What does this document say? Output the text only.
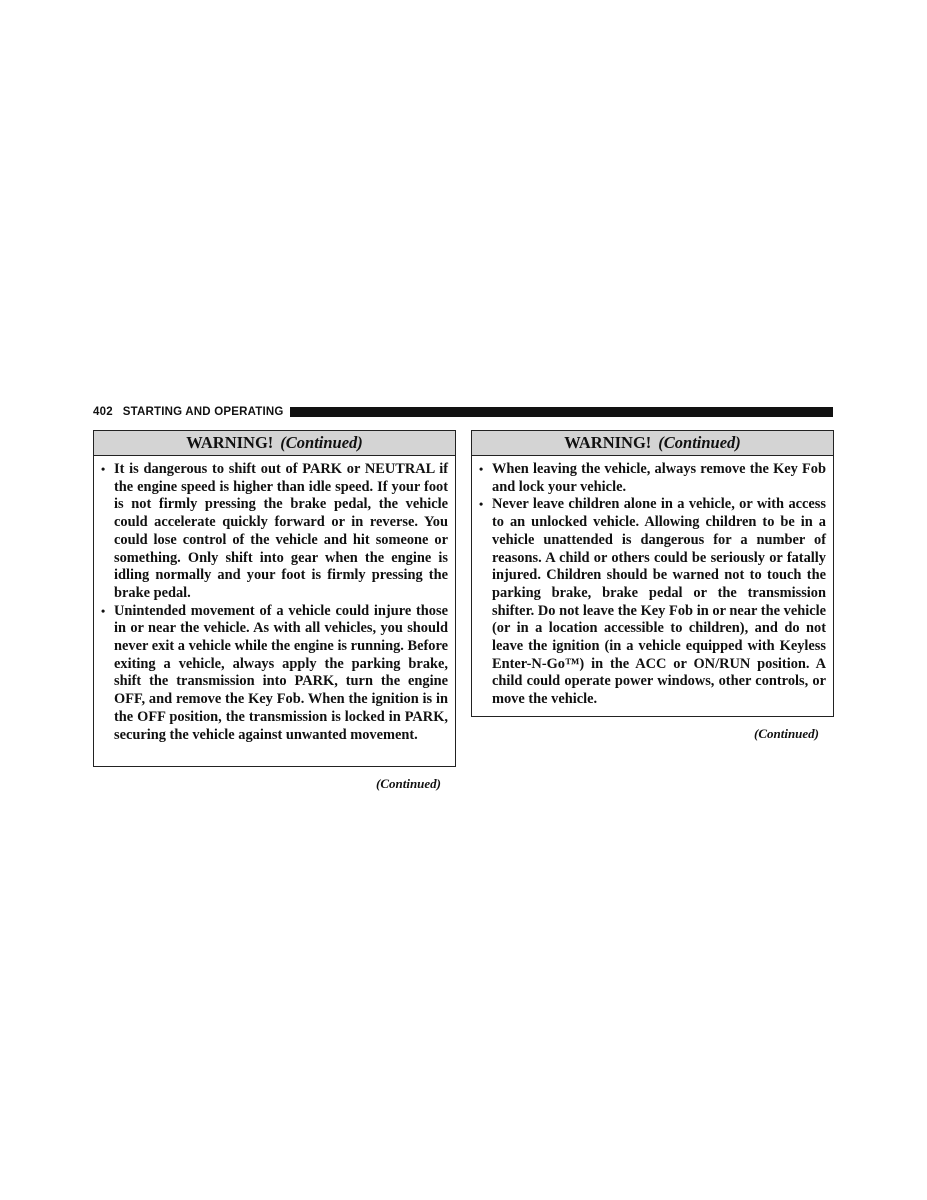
402 STARTING AND OPERATING
WARNING! (Continued)
• It is dangerous to shift out of PARK or NEUTRAL if the engine speed is higher than idle speed. If your foot is not firmly pressing the brake pedal, the vehicle could accelerate quickly forward or in reverse. You could lose control of the vehicle and hit someone or something. Only shift into gear when the engine is idling normally and your foot is firmly pressing the brake pedal.
• Unintended movement of a vehicle could injure those in or near the vehicle. As with all vehicles, you should never exit a vehicle while the engine is running. Before exiting a vehicle, always apply the parking brake, shift the transmission into PARK, turn the engine OFF, and remove the Key Fob. When the ignition is in the OFF position, the transmission is locked in PARK, securing the vehicle against unwanted movement.
(Continued)
WARNING! (Continued)
• When leaving the vehicle, always remove the Key Fob and lock your vehicle.
• Never leave children alone in a vehicle, or with access to an unlocked vehicle. Allowing children to be in a vehicle unattended is dangerous for a number of reasons. A child or others could be seriously or fatally injured. Children should be warned not to touch the parking brake, brake pedal or the transmission shifter. Do not leave the Key Fob in or near the vehicle (or in a location accessible to children), and do not leave the ignition (in a vehicle equipped with Keyless Enter-N-Go™) in the ACC or ON/RUN position. A child could operate power windows, other controls, or move the vehicle.
(Continued)
